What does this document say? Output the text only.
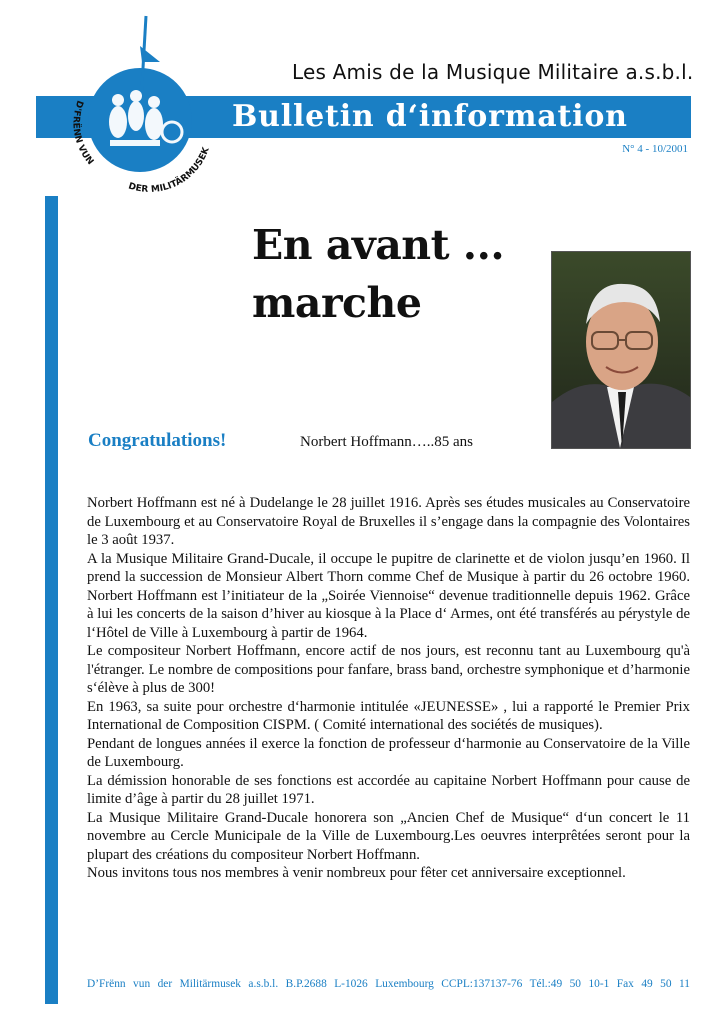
D'FRËNN VUN
DER MILITÄRMUSEK
Les Amis de la Musique Militaire a.s.b.l.
Bulletin d‘information
N° 4 - 10/2001
En avant ...
marche
Congratulations!	Norbert Hoffmann…..85 ans

Norbert Hoffmann est né à Dudelange le 28 juillet 1916. Après ses études musicales au Conservatoire de Luxembourg et au Conservatoire Royal de Bruxelles il s’engage dans la compagnie des Volontaires le 3 août 1937.

A la Musique Militaire Grand-Ducale, il occupe le pupitre de clarinette et de violon jusqu’en 1960. Il prend la succession de Monsieur Albert Thorn comme Chef de Musique à partir du 26 octobre 1960. Norbert Hoffmann est l’initiateur de la „Soirée Viennoise“ devenue traditionnelle depuis 1962. Grâce à lui les concerts de la saison d’hiver au kiosque à la Place d‘ Armes, ont été transférés au pérystyle de l‘Hôtel de Ville à Luxembourg à partir de 1964.

Le compositeur Norbert Hoffmann, encore actif de nos jours, est reconnu tant au Luxembourg qu'à l'étranger. Le nombre de compositions pour fanfare, brass band, orchestre symphonique et d’harmonie s‘élève à plus de 300!

En 1963, sa suite pour orchestre d‘harmonie intitulée «JEUNESSE» , lui a rapporté le Premier Prix International de Composition CISPM. ( Comité international des sociétés de musiques).

Pendant de longues années il exerce la fonction de professeur d‘harmonie au Conservatoire de la Ville de Luxembourg.

La démission honorable de ses fonctions est accordée au capitaine Norbert Hoffmann pour cause de limite d’âge à partir du 28 juillet 1971.

La Musique Militaire Grand-Ducale honorera son „Ancien Chef de Musique“ d‘un concert le 11 novembre au Cercle Municipale de la Ville de Luxembourg.Les oeuvres interprêtées seront pour la plupart des créations du compositeur Norbert Hoffmann.

Nous invitons tous nos membres à venir nombreux pour fêter cet anniversaire exceptionnel.

D’Frënn vun der Militärmusek a.s.b.l. B.P.2688 L-1026 Luxembourg CCPL:137137-76 Tél.:49 50 10-1 Fax 49 50 11
